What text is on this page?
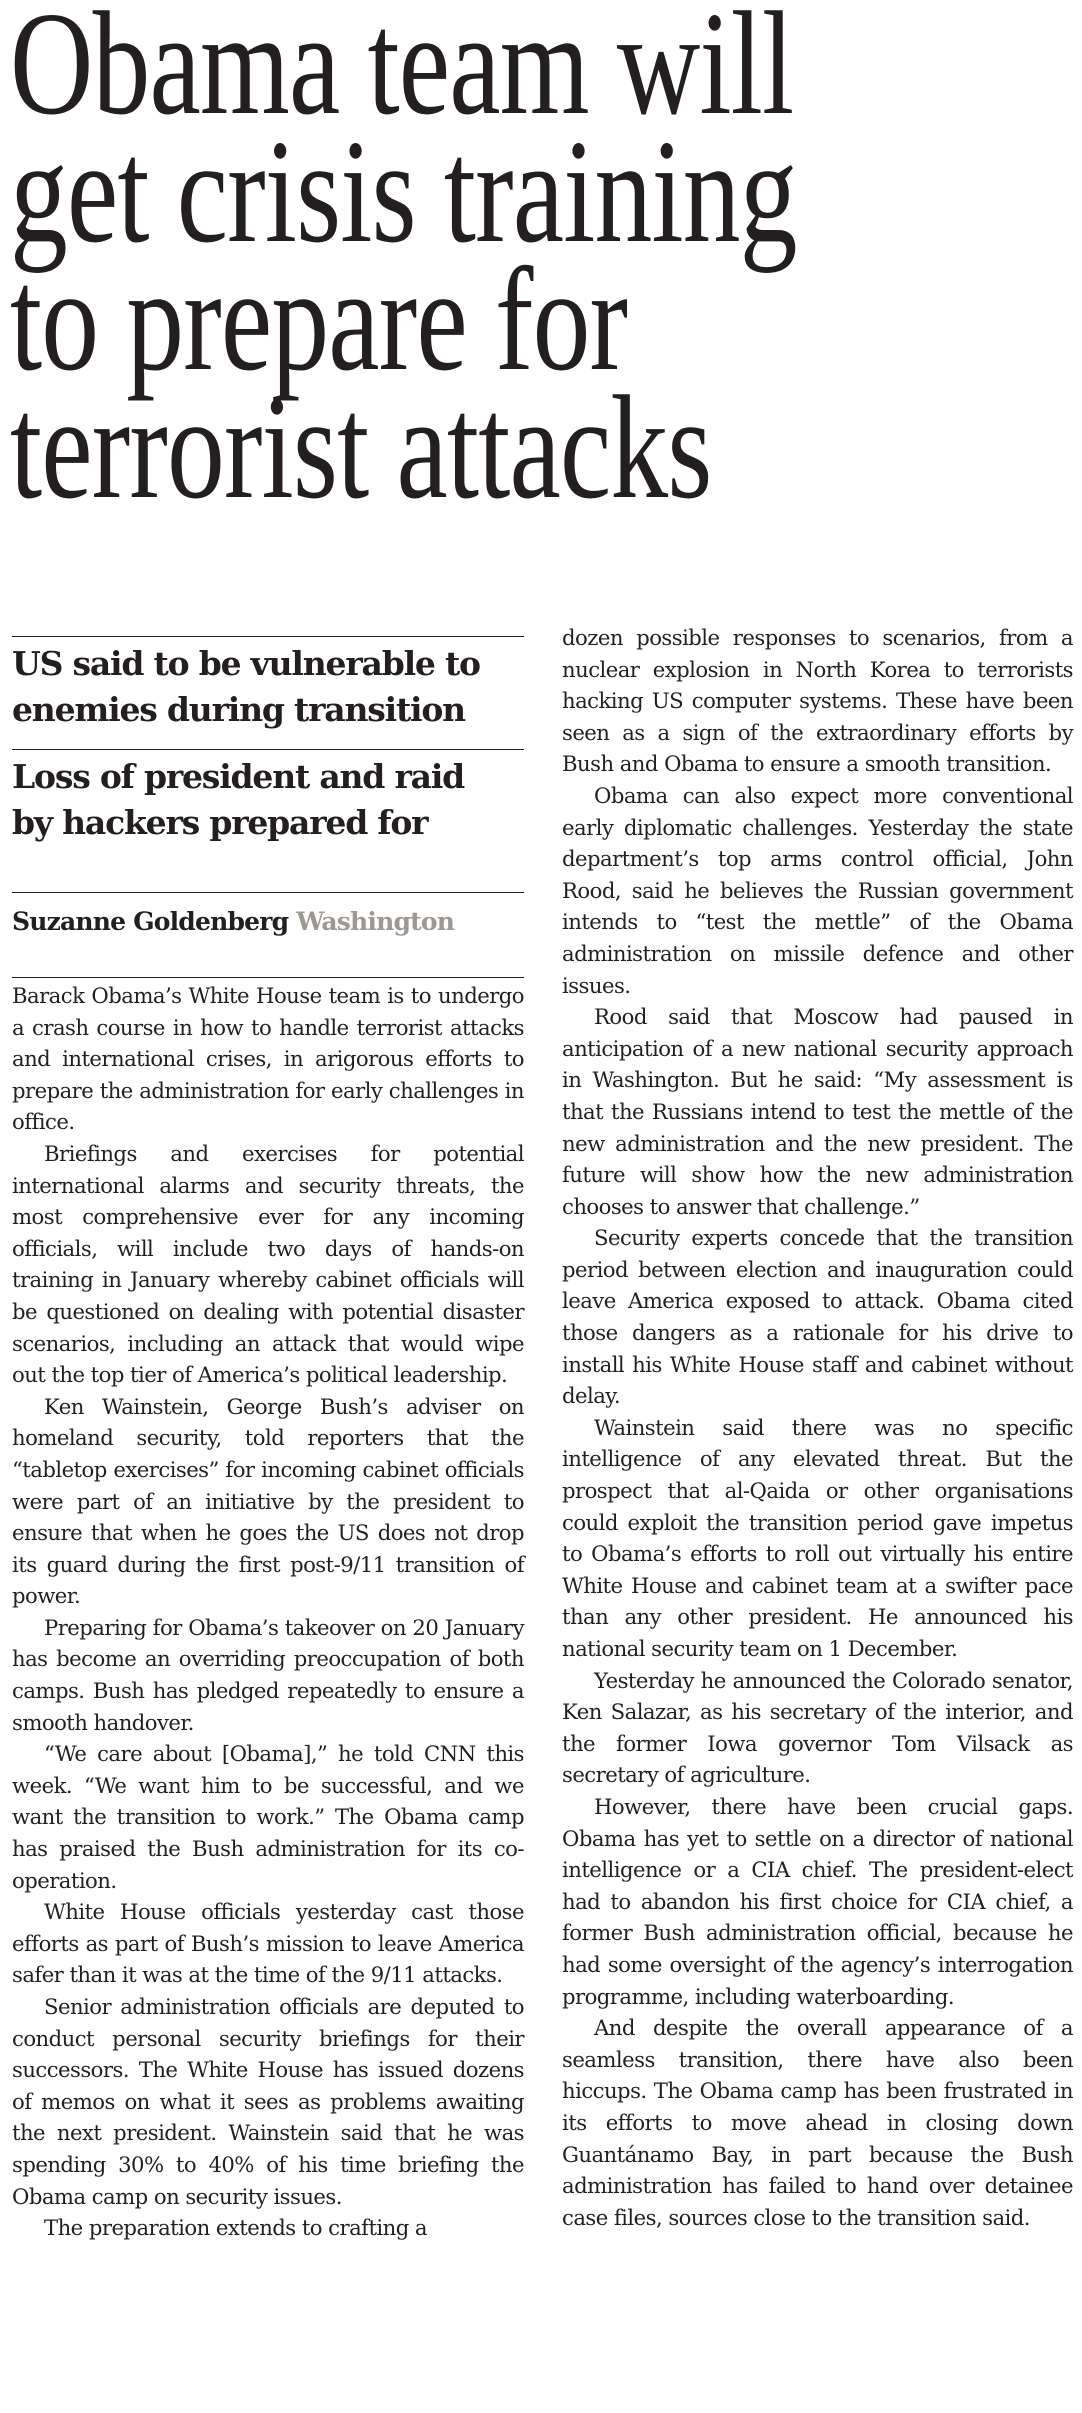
Obama team will
get crisis training
to prepare for
terrorist attacks
US said to be vulnerable to
enemies during transition
Loss of president and raid
by hackers prepared for
Suzanne Goldenberg Washington

Barack Obama’s White House team is to undergo a crash course in how to handle terrorist attacks and international crises, in arigorous efforts to prepare the administration for early challenges in office.

Briefings and exercises for potential international alarms and security threats, the most comprehensive ever for any incoming officials, will include two days of hands-on training in January whereby cabinet officials will be questioned on dealing with potential disaster scenarios, including an attack that would wipe out the top tier of America’s political leadership.

Ken Wainstein, George Bush’s adviser on homeland security, told reporters that the “tabletop exercises” for incoming cabinet officials were part of an initiative by the president to ensure that when he goes the US does not drop its guard during the first post-9/11 transition of power.

Preparing for Obama’s takeover on 20 January has become an overriding preoccupation of both camps. Bush has pledged repeatedly to ensure a smooth handover.

“We care about [Obama],” he told CNN this week. “We want him to be successful, and we want the transition to work.” The Obama camp has praised the Bush administration for its co-operation.

White House officials yesterday cast those efforts as part of Bush’s mission to leave America safer than it was at the time of the 9/11 attacks.

Senior administration officials are deputed to conduct personal security briefings for their successors. The White House has issued dozens of memos on what it sees as problems awaiting the next president. Wainstein said that he was spending 30% to 40% of his time briefing the Obama camp on security issues.

The preparation extends to crafting a

dozen possible responses to scenarios, from a nuclear explosion in North Korea to terrorists hacking US computer systems. These have been seen as a sign of the extraordinary efforts by Bush and Obama to ensure a smooth transition.

Obama can also expect more conventional early diplomatic challenges. Yesterday the state department’s top arms control official, John Rood, said he believes the Russian government intends to “test the mettle” of the Obama administration on missile defence and other issues.

Rood said that Moscow had paused in anticipation of a new national security approach in Washington. But he said: “My assessment is that the Russians intend to test the mettle of the new administration and the new president. The future will show how the new administration chooses to answer that challenge.”

Security experts concede that the transition period between election and inauguration could leave America exposed to attack. Obama cited those dangers as a rationale for his drive to install his White House staff and cabinet without delay.

Wainstein said there was no specific intelligence of any elevated threat. But the prospect that al-Qaida or other organisations could exploit the transition period gave impetus to Obama’s efforts to roll out virtually his entire White House and cabinet team at a swifter pace than any other president. He announced his national security team on 1 December.

Yesterday he announced the Colorado senator, Ken Salazar, as his secretary of the interior, and the former Iowa governor Tom Vilsack as secretary of agriculture.

However, there have been crucial gaps. Obama has yet to settle on a director of national intelligence or a CIA chief. The president-elect had to abandon his first choice for CIA chief, a former Bush administration official, because he had some oversight of the agency’s interrogation programme, including waterboarding.

And despite the overall appearance of a seamless transition, there have also been hiccups. The Obama camp has been frustrated in its efforts to move ahead in closing down Guantánamo Bay, in part because the Bush administration has failed to hand over detainee case files, sources close to the transition said.
